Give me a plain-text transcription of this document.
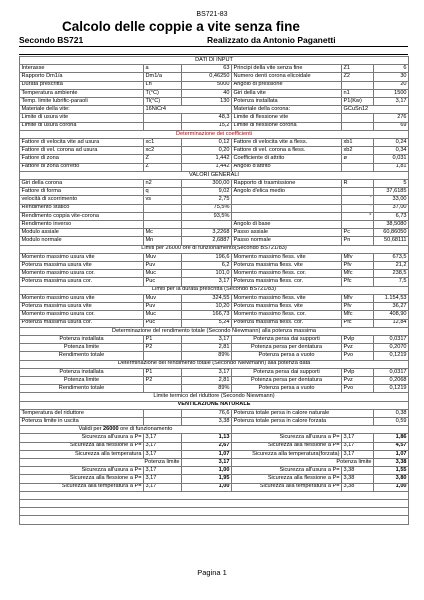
BS721-83
Calcolo delle coppie a vite senza fine
Secondo BS721	Realizzato da Antonio Paganetti
DATI DI INPUT					
Interasse	a	63	Principi della vite senza fine	Z1	6
Rapporto Dm1/a	Dm1/a	0,46250	Numero denti corona elicoidale	Z2	30
Durata prescritta	Lh	5000	Angolo di pressione		20
Temperatura ambiente	T(°C)	40	Giri della vite	n1	1500
Temp. limite lubrific-paraoli	Tl(°C)	130	Potenza installata	P1(Kw)	3,17
Materiale della vite:	16NiCr4		Materiale della corona:	GCuSn12	
Limite di usura vite		48,3	Limite di flessione vite		276
Limite di usura corona		15,2	Limite di flessione corona		69
Determinazione dei coefficienti					
Fattore di velocita vite ad usura	xc1	0,12	Fattore di velocita vite a fless.	xb1	0,24
Fattore di vel. corona ad usura	xc2	0,20	Fattore di vel. corona a fless.	xb2	0,34
Fattore di zona	Z	1,442	Coefficiente di attrito	ø	0,031
Fattore di zona corretto	Z	1,442	Angolo d'attrito		1,81
VALORI GENERALI					
Giri della corona	n2	300,00	Rapporto di trasmissione	R	5
Fattore di forma	q	9,02	Angolo d'elica medio		37,6185
velocità di scorrimento	vs	2,75		'	33,00
Rendimento statico		75,5%		"	37,00
Rendimento coppia vite-corona		93,5%		°	6,73
Rendimento inverso			Angolo di base		38,5080
Modulo assiale	Mc	3,2268	Passo assiale	Pc	60,86050
Modulo normale	Mn	2,6887	Passo normale	Pn	50,68111
Limiti per 26000 ore di funzionamento(Secondo BS721/83)					
Momento massimo usura vite	Muv	196,6	Momento massimo fless. vite	Mfv	673,5
Potenza massima usura vite	Puv	6,2	Potenza massima fless. vite	Pfv	21,2
Momento massimo usura cor.	Muc	101,0	Momento massimo fless. cor.	Mfc	238,5
Potenza massima usura cor.	Puc	3,17	Potenza massima fless. cor.	Pfc	7,5
Limiti per la durata prescritta (Secondo BS721/83)					
Momento massimo usura vite	Muv	324,55	Momento massimo fless. vite	Mfv	1.154,53
Potenza massima usura vite	Puv	10,20	Potenza massima fless. vite	Pfv	36,27
Momento massimo usura cor.	Muc	166,73	Momento massimo fless. cor.	Mfc	408,90
Potenza massima usura cor.	Puc	5,24	Potenza massima fless. cor.	Pfc	12,84
Determinazione del rendimento totale (Secondo Niewmann) alla potenza massima					
Potenza installata	P1	3,17	Potenza persa dai supporti	Pvlp	0,0317
Potenza limite	P2	2,81	Potenza persa per dentatura	Pvz	0,2070
Rendimento totale		89%	Potenza persa a vuoto	Pvo	0,1219
Determinazione del rendimento totale (Secondo Niewmann) alla potenza data					
Potenza installata	P1	3,17	Potenza persa dai supporti	Pvlp	0,0317
Potenza limite	P2	2,81	Potenza persa per dentatura	Pvz	0,2068
Rendimento totale		89%	Potenza persa a vuoto	Pvo	0,1219
Limite termico del riduttore (Secondo Niewmann)					
VENTILAZIONE NATURALE					
Temperatura del riduttore		76,6	Potenza totale persa in calore naturale		0,38
Potenza limite in uscita		3,38	Potenza totale persa in calore forzata		0,59
Validi per 26000 ore di funzionamento					
Sicurezza all'usura a P=	3,17	1,13	Sicurezza all'usura a P=	3,17	1,86
Sicurezza alla flessione a P=	3,17	2,67	Sicurezza alla flessione a P=	3,17	4,57
Sicurezza alla temperatura	3,17	1,07	Sicurezza alla temperatura(forzata)	3,17	1,07
Potenza limite		3,17	Potenza limite		3,38
Sicurezza all'usura a P=	3,17	1,00	Sicurezza all'usura a P=	3,38	1,55
Sicurezza alla flessione a P=	3,17	1,95	Sicurezza alla flessione a P=	3,38	3,80
Sicurezza alla temperatura a P=	3,17	1,00	Sicurezza alla temperatura a P=	3,38	1,00

Pagina 1
